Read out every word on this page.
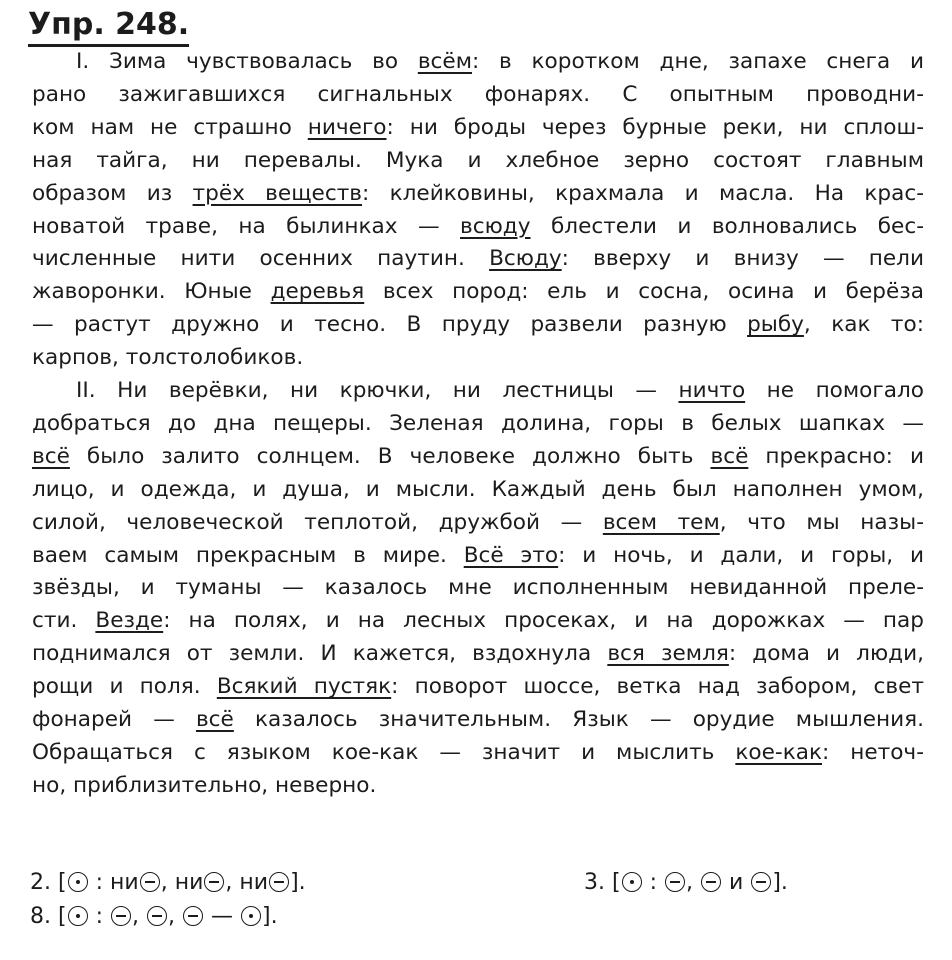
Упр. 248.
I. Зима чувствовалась во всём: в коротком дне, запахе снега и
рано зажигавшихся сигнальных фонарях. С опытным проводни-
ком нам не страшно ничего: ни броды через бурные реки, ни сплош-
ная тайга, ни перевалы. Мука и хлебное зерно состоят главным
образом из трёх веществ: клейковины, крахмала и масла. На крас-
новатой траве, на былинках — всюду блестели и волновались бес-
численные нити осенних паутин. Всюду: вверху и внизу — пели
жаворонки. Юные деревья всех пород: ель и сосна, осина и берёза
— растут дружно и тесно. В пруду развели разную рыбу, как то:
карпов, толстолобиков.
II. Ни верёвки, ни крючки, ни лестницы — ничто не помогало
добраться до дна пещеры. Зеленая долина, горы в белых шапках —
всё было залито солнцем. В человеке должно быть всё прекрасно: и
лицо, и одежда, и душа, и мысли. Каждый день был наполнен умом,
силой, человеческой теплотой, дружбой — всем тем, что мы назы-
ваем самым прекрасным в мире. Всё это: и ночь, и дали, и горы, и
звёзды, и туманы — казалось мне исполненным невиданной преле-
сти. Везде: на полях, и на лесных просеках, и на дорожках — пар
поднимался от земли. И кажется, вздохнула вся земля: дома и люди,
рощи и поля. Всякий пустяк: поворот шоссе, ветка над забором, свет
фонарей — всё казалось значительным. Язык — орудие мышления.
Обращаться с языком кое-как — значит и мыслить кое-как: неточ-
но, приблизительно, неверно.
2. [ : ни , ни , ни ].	3. [ : , и ].
8. [ : , , — ].
